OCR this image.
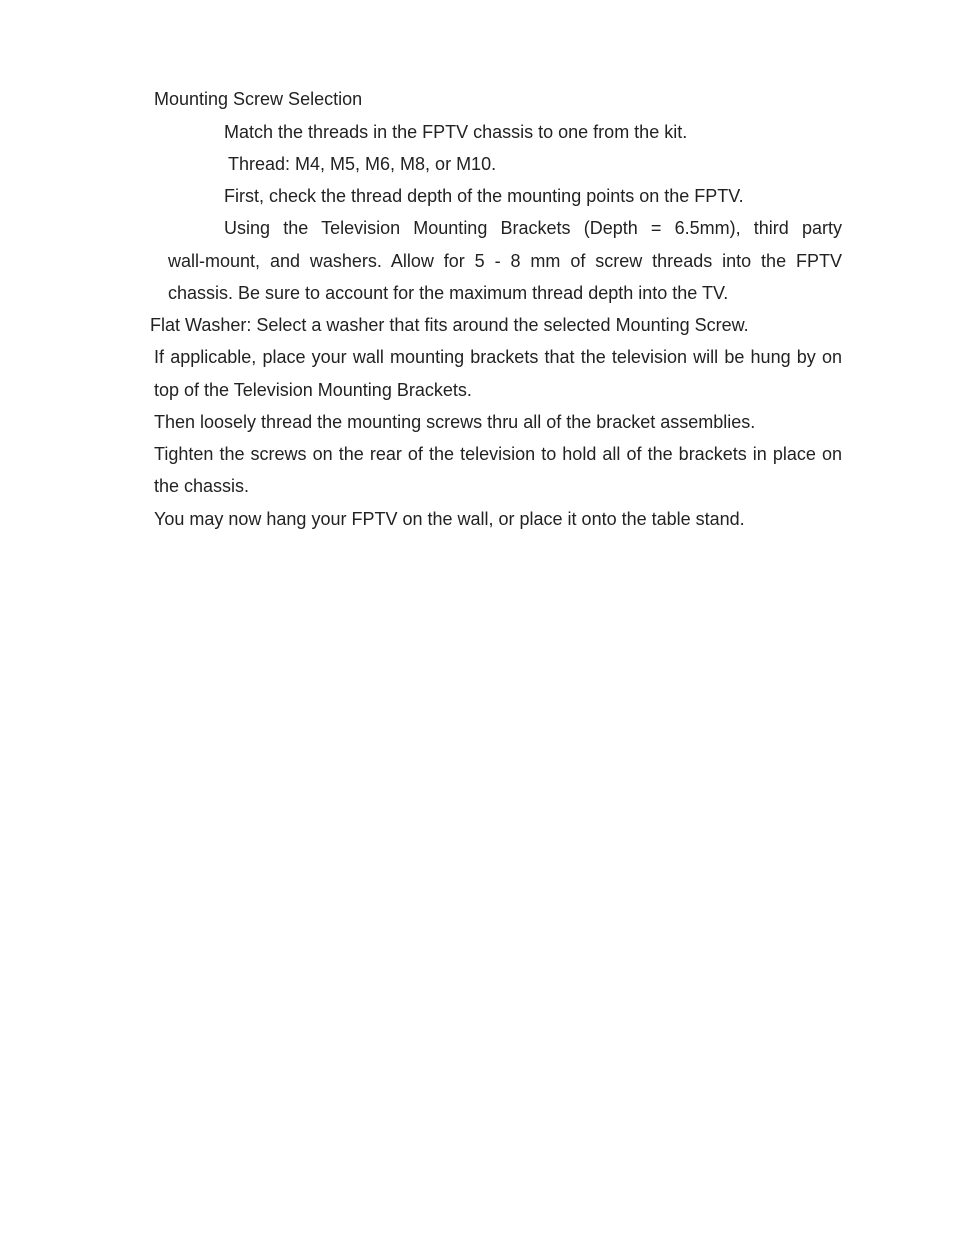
Mounting Screw Selection

Match the threads in the FPTV chassis to one from the kit.

Thread: M4, M5, M6, M8, or M10.

First, check the thread depth of the mounting points on the FPTV.

Using the Television Mounting Brackets (Depth = 6.5mm), third party

wall-mount, and washers. Allow for 5 - 8 mm of screw threads into the FPTV

chassis. Be sure to account for the maximum thread depth into the TV.

Flat Washer: Select a washer that fits around the selected Mounting Screw.

If applicable, place your wall mounting brackets that the television will be hung by on

top of the Television Mounting Brackets.

Then loosely thread the mounting screws thru all of the bracket assemblies.

Tighten the screws on the rear of the television to hold all of the brackets in place on

the chassis.

You may now hang your FPTV on the wall, or place it onto the table stand.
